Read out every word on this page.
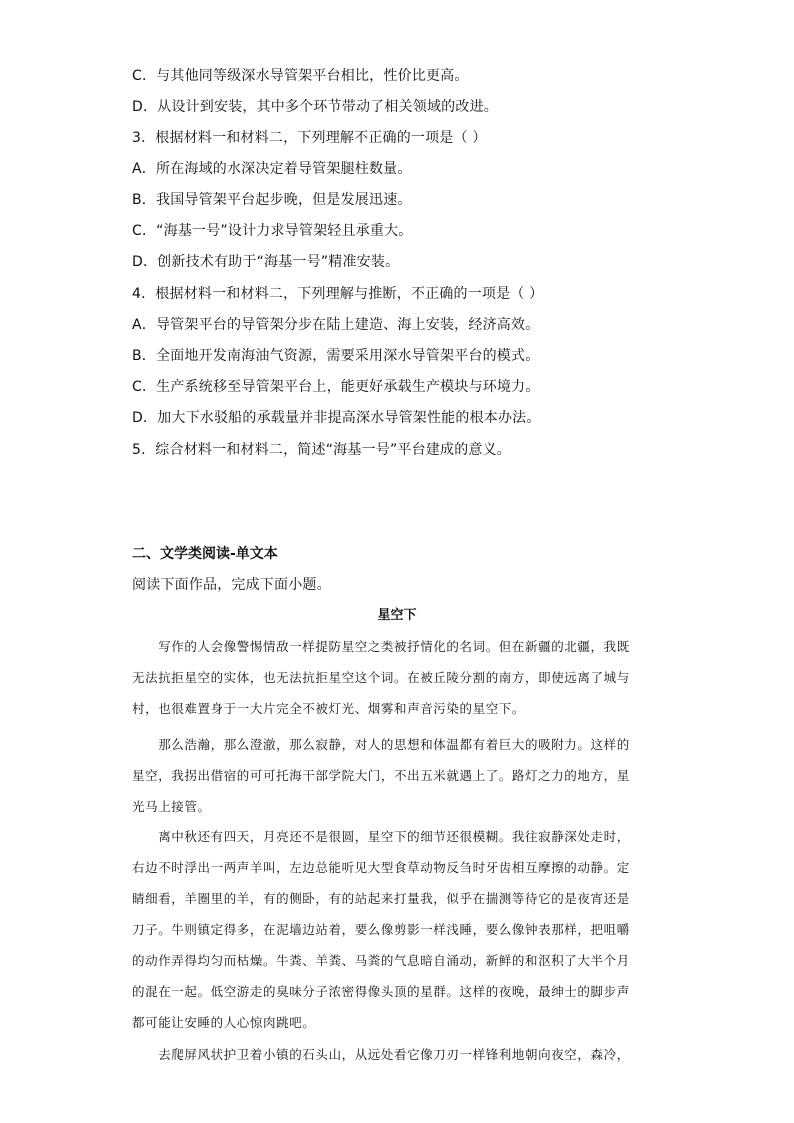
C．与其他同等级深水导管架平台相比，性价比更高。
D．从设计到安装，其中多个环节带动了相关领域的改进。
3．根据材料一和材料二，下列理解不正确的一项是（ ）
A．所在海域的水深决定着导管架腿柱数量。
B．我国导管架平台起步晚，但是发展迅速。
C．“海基一号”设计力求导管架轻且承重大。
D．创新技术有助于“海基一号”精准安装。
4．根据材料一和材料二，下列理解与推断，不正确的一项是（ ）
A．导管架平台的导管架分步在陆上建造、海上安装，经济高效。
B．全面地开发南海油气资源，需要采用深水导管架平台的模式。
C．生产系统移至导管架平台上，能更好承载生产模块与环境力。
D．加大下水驳船的承载量并非提高深水导管架性能的根本办法。
5．综合材料一和材料二，简述“海基一号”平台建成的意义。
二、文学类阅读-单文本
阅读下面作品，完成下面小题。
星空下
　　写作的人会像警惕情敌一样提防星空之类被抒情化的名词。但在新疆的北疆，我既
无法抗拒星空的实体，也无法抗拒星空这个词。在被丘陵分割的南方，即使远离了城与
村，也很难置身于一大片完全不被灯光、烟雾和声音污染的星空下。
　　那么浩瀚，那么澄澈，那么寂静，对人的思想和体温都有着巨大的吸附力。这样的
星空，我拐出借宿的可可托海干部学院大门，不出五米就遇上了。路灯之力的地方，星
光马上接管。
　　离中秋还有四天，月亮还不是很圆，星空下的细节还很模糊。我往寂静深处走时，
右边不时浮出一两声羊叫，左边总能听见大型食草动物反刍时牙齿相互摩擦的动静。定
睛细看，羊圈里的羊，有的侧卧，有的站起来打量我，似乎在揣测等待它的是夜宵还是
刀子。牛则镇定得多，在泥墙边站着，要么像剪影一样浅睡，要么像钟表那样，把咀嚼
的动作弄得均匀而枯燥。牛粪、羊粪、马粪的气息暗自涌动，新鲜的和沤积了大半个月
的混在一起。低空游走的臭味分子浓密得像头顶的星群。这样的夜晚，最绅士的脚步声
都可能让安睡的人心惊肉跳吧。
　　去爬屏风状护卫着小镇的石头山，从远处看它像刀刃一样锋利地朝向夜空，森冷，
